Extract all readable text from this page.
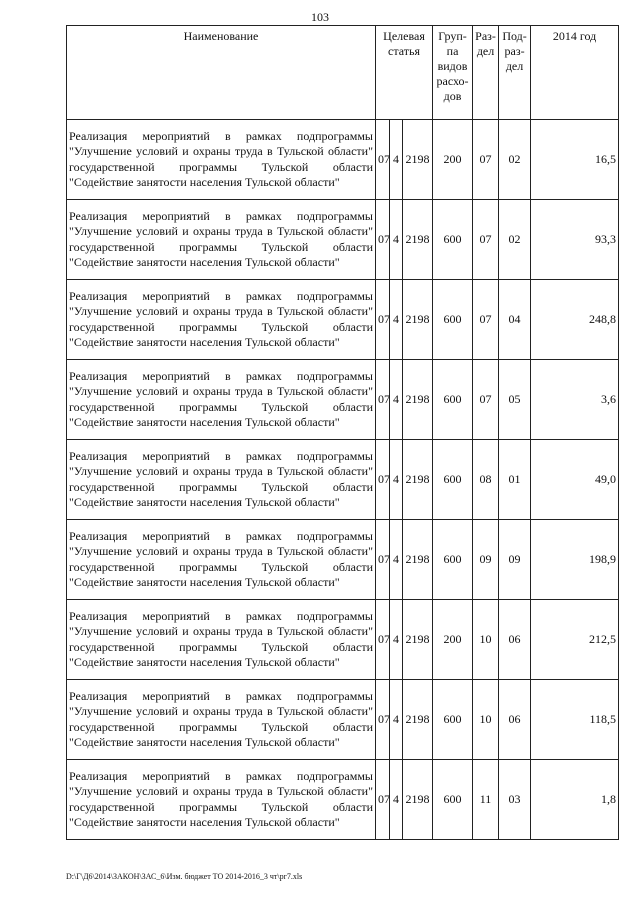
103
Наименование	Целевая статья			Груп-па видов расхо-дов	Раз-дел	Под-раз-дел	2014 год
Реализация мероприятий в рамках подпрограммы "Улучшение условий и охраны труда в Тульской области" государственной программы Тульской области "Содействие занятости населения Тульской области"	07	4	2198	200	07	02	16,5
Реализация мероприятий в рамках подпрограммы "Улучшение условий и охраны труда в Тульской области" государственной программы Тульской области "Содействие занятости населения Тульской области"	07	4	2198	600	07	02	93,3
Реализация мероприятий в рамках подпрограммы "Улучшение условий и охраны труда в Тульской области" государственной программы Тульской области "Содействие занятости населения Тульской области"	07	4	2198	600	07	04	248,8
Реализация мероприятий в рамках подпрограммы "Улучшение условий и охраны труда в Тульской области" государственной программы Тульской области "Содействие занятости населения Тульской области"	07	4	2198	600	07	05	3,6
Реализация мероприятий в рамках подпрограммы "Улучшение условий и охраны труда в Тульской области" государственной программы Тульской области "Содействие занятости населения Тульской области"	07	4	2198	600	08	01	49,0
Реализация мероприятий в рамках подпрограммы "Улучшение условий и охраны труда в Тульской области" государственной программы Тульской области "Содействие занятости населения Тульской области"	07	4	2198	600	09	09	198,9
Реализация мероприятий в рамках подпрограммы "Улучшение условий и охраны труда в Тульской области" государственной программы Тульской области "Содействие занятости населения Тульской области"	07	4	2198	200	10	06	212,5
Реализация мероприятий в рамках подпрограммы "Улучшение условий и охраны труда в Тульской области" государственной программы Тульской области "Содействие занятости населения Тульской области"	07	4	2198	600	10	06	118,5
Реализация мероприятий в рамках подпрограммы "Улучшение условий и охраны труда в Тульской области" государственной программы Тульской области "Содействие занятости населения Тульской области"	07	4	2198	600	11	03	1,8
D:\Г\Д6\2014\ЗАКОН\ЗАС_6\Изм. бюджет ТО 2014-2016_3 чт\рг7.xls
